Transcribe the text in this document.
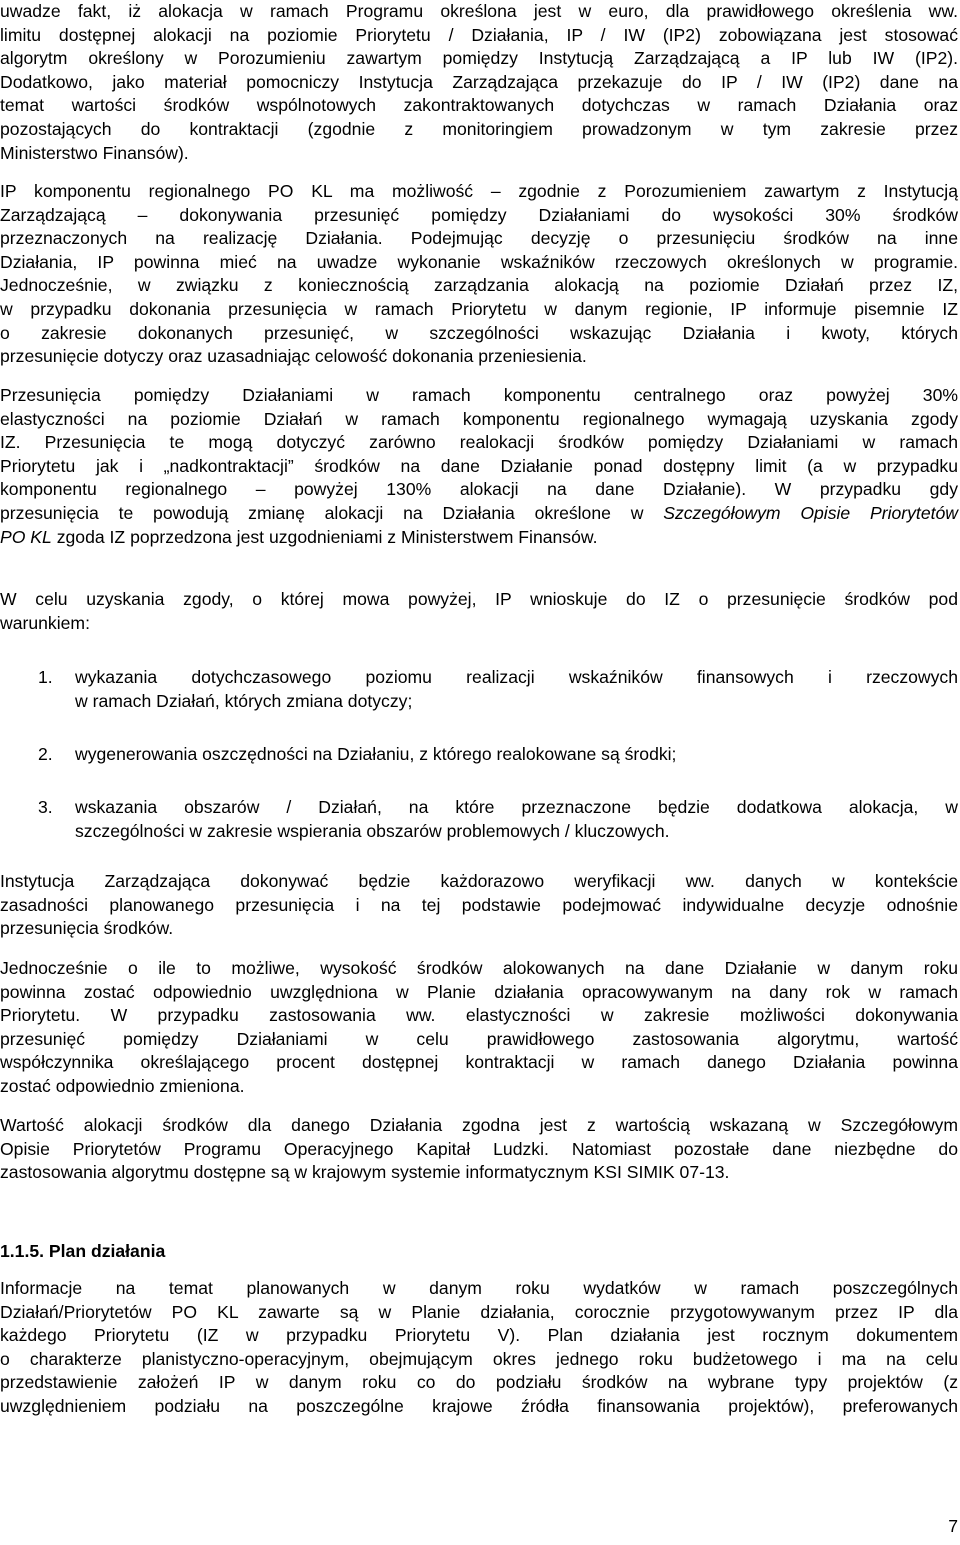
uwadze fakt, iż alokacja w ramach Programu określona jest w euro, dla prawidłowego określenia ww.
limitu dostępnej alokacji na poziomie Priorytetu / Działania, IP / IW (IP2) zobowiązana jest stosować
algorytm określony w Porozumieniu zawartym pomiędzy Instytucją Zarządzającą a IP lub IW (IP2).
Dodatkowo, jako materiał pomocniczy Instytucja Zarządzająca przekazuje do IP / IW (IP2) dane na
temat wartości środków wspólnotowych zakontraktowanych dotychczas w ramach Działania oraz
pozostających do kontraktacji (zgodnie z monitoringiem prowadzonym w tym zakresie przez
Ministerstwo Finansów).
IP komponentu regionalnego PO KL ma możliwość – zgodnie z Porozumieniem zawartym z Instytucją
Zarządzającą – dokonywania przesunięć pomiędzy Działaniami do wysokości 30% środków
przeznaczonych na realizację Działania. Podejmując decyzję o przesunięciu środków na inne
Działania, IP powinna mieć na uwadze wykonanie wskaźników rzeczowych określonych w programie.
Jednocześnie, w związku z koniecznością zarządzania alokacją na poziomie Działań przez IZ,
w przypadku dokonania przesunięcia w ramach Priorytetu w danym regionie, IP informuje pisemnie IZ
o zakresie dokonanych przesunięć, w szczególności wskazując Działania i kwoty, których
przesunięcie dotyczy oraz uzasadniając celowość dokonania przeniesienia.
Przesunięcia pomiędzy Działaniami w ramach komponentu centralnego oraz powyżej 30%
elastyczności na poziomie Działań w ramach komponentu regionalnego wymagają uzyskania zgody
IZ. Przesunięcia te mogą dotyczyć zarówno realokacji środków pomiędzy Działaniami w ramach
Priorytetu jak i „nadkontraktacji” środków na dane Działanie ponad dostępny limit (a w przypadku
komponentu regionalnego – powyżej 130% alokacji na dane Działanie). W przypadku gdy
przesunięcia te powodują zmianę alokacji na Działania określone w Szczegółowym Opisie Priorytetów
PO KL zgoda IZ poprzedzona jest uzgodnieniami z Ministerstwem Finansów.
W celu uzyskania zgody, o której mowa powyżej, IP wnioskuje do IZ o przesunięcie środków pod
warunkiem:
1.	wykazania dotychczasowego poziomu realizacji wskaźników finansowych i rzeczowych
w ramach Działań, których zmiana dotyczy;
2.	wygenerowania oszczędności na Działaniu, z którego realokowane są środki;
3.	wskazania obszarów / Działań, na które przeznaczone będzie dodatkowa alokacja, w
szczególności w zakresie wspierania obszarów problemowych / kluczowych.
Instytucja Zarządzająca dokonywać będzie każdorazowo weryfikacji ww. danych w kontekście
zasadności planowanego przesunięcia i na tej podstawie podejmować indywidualne decyzje odnośnie
przesunięcia środków.
Jednocześnie o ile to możliwe, wysokość środków alokowanych na dane Działanie w danym roku
powinna zostać odpowiednio uwzględniona w Planie działania opracowywanym na dany rok w ramach
Priorytetu. W przypadku zastosowania ww. elastyczności w zakresie możliwości dokonywania
przesunięć pomiędzy Działaniami w celu prawidłowego zastosowania algorytmu, wartość
współczynnika określającego procent dostępnej kontraktacji w ramach danego Działania powinna
zostać odpowiednio zmieniona.
Wartość alokacji środków dla danego Działania zgodna jest z wartością wskazaną w Szczegółowym
Opisie Priorytetów Programu Operacyjnego Kapitał Ludzki. Natomiast pozostałe dane niezbędne do
zastosowania algorytmu dostępne są w krajowym systemie informatycznym KSI SIMIK 07-13.
1.1.5. Plan działania
Informacje na temat planowanych w danym roku wydatków w ramach poszczególnych
Działań/Priorytetów PO KL zawarte są w Planie działania, corocznie przygotowywanym przez IP dla
każdego Priorytetu (IZ w przypadku Priorytetu V). Plan działania jest rocznym dokumentem
o charakterze planistyczno-operacyjnym, obejmującym okres jednego roku budżetowego i ma na celu
przedstawienie założeń IP w danym roku co do podziału środków na wybrane typy projektów (z
uwzględnieniem podziału na poszczególne krajowe źródła finansowania projektów), preferowanych
7
